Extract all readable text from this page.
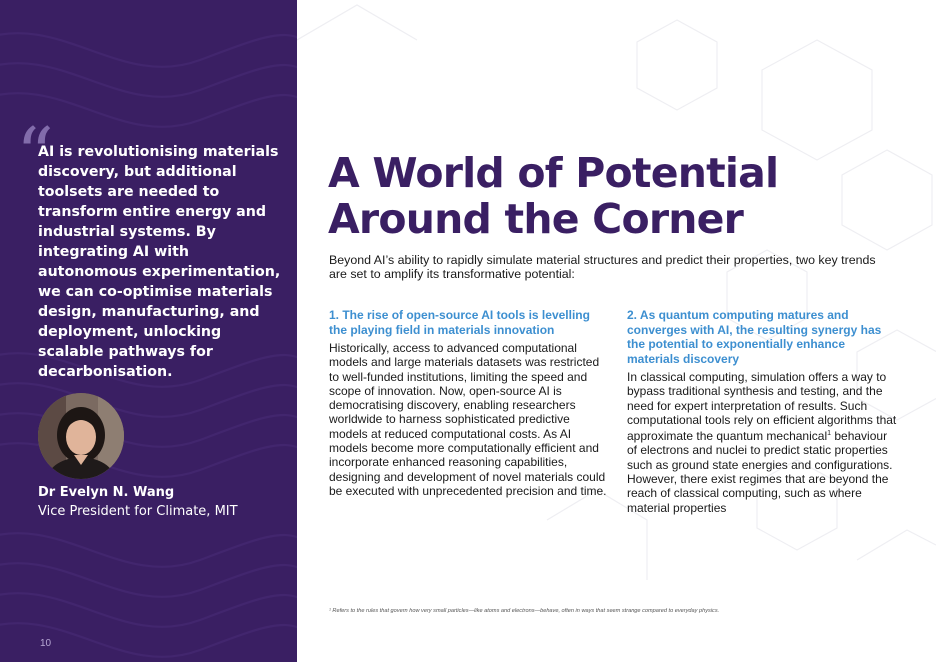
“

AI is revolutionising materials discovery, but additional toolsets are needed to transform entire energy and industrial systems. By integrating AI with autonomous experimentation, we can co-optimise materials design, manufacturing, and deployment, unlocking scalable pathways for decarbonisation.

Dr Evelyn N. Wang
Vice President for Climate, MIT
10
A World of Potential Around the Corner

Beyond AI’s ability to rapidly simulate material structures and predict their properties, two key trends are set to amplify its transformative potential:

1. The rise of open-source AI tools is levelling the playing field in materials innovation

Historically, access to advanced computational models and large materials datasets was restricted to well-funded institutions, limiting the speed and scope of innovation. Now, open-source AI is democratising discovery, enabling researchers worldwide to harness sophisticated predictive models at reduced computational costs. As AI models become more computationally efficient and incorporate enhanced reasoning capabilities, designing and development of novel materials could be executed with unprecedented precision and time.

2. As quantum computing matures and converges with AI, the resulting synergy has the potential to exponentially enhance materials discovery

In classical computing, simulation offers a way to bypass traditional synthesis and testing, and the need for expert interpretation of results. Such computational tools rely on efficient algorithms that approximate the quantum mechanical$^1$ behaviour of electrons and nuclei to predict static properties such as ground state energies and configurations. However, there exist regimes that are beyond the reach of classical computing, such as where material properties

¹ Refers to the rules that govern how very small particles—like atoms and electrons—behave, often in ways that seem strange compared to everyday physics.
